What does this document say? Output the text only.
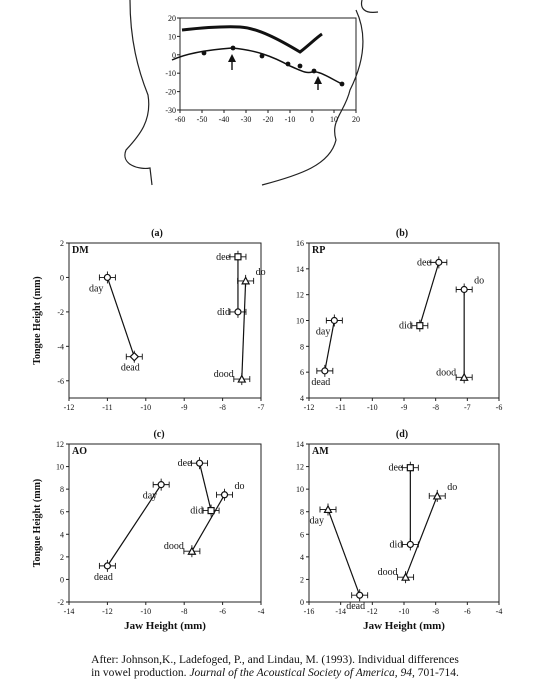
-60 -50 -40 -30 -20 -10 0 10 20
20
10
0
-10
-20
-30
(a)
DM
-12	-11	-10	-9	-8	-7
-6
-4
-2
0
2
day
dead
dee
did
do
dood
Tongue Height (mm)
(b)
RP
-12	-11	-10	-9	-8	-7	-6
4
6
8
10
12
14
16
day
dead
dee
did
do
dood
(c)
AO
-14	-12	-10	-8	-6	-4
-2
0
2
4
6
8
10
12
day
dead
dee
did
do
dood
Tongue Height (mm)
Jaw Height (mm)
(d)
AM
-16	-14	-12	-10	-8	-6	-4
0
2
4
6
8
10
12
14
day
dead
dee
did
do
dood
Jaw Height (mm)
After: Johnson,K., Ladefoged, P., and Lindau, M. (1993). Individual differences
in vowel production. Journal of the Acoustical Society of America, 94, 701-714.
